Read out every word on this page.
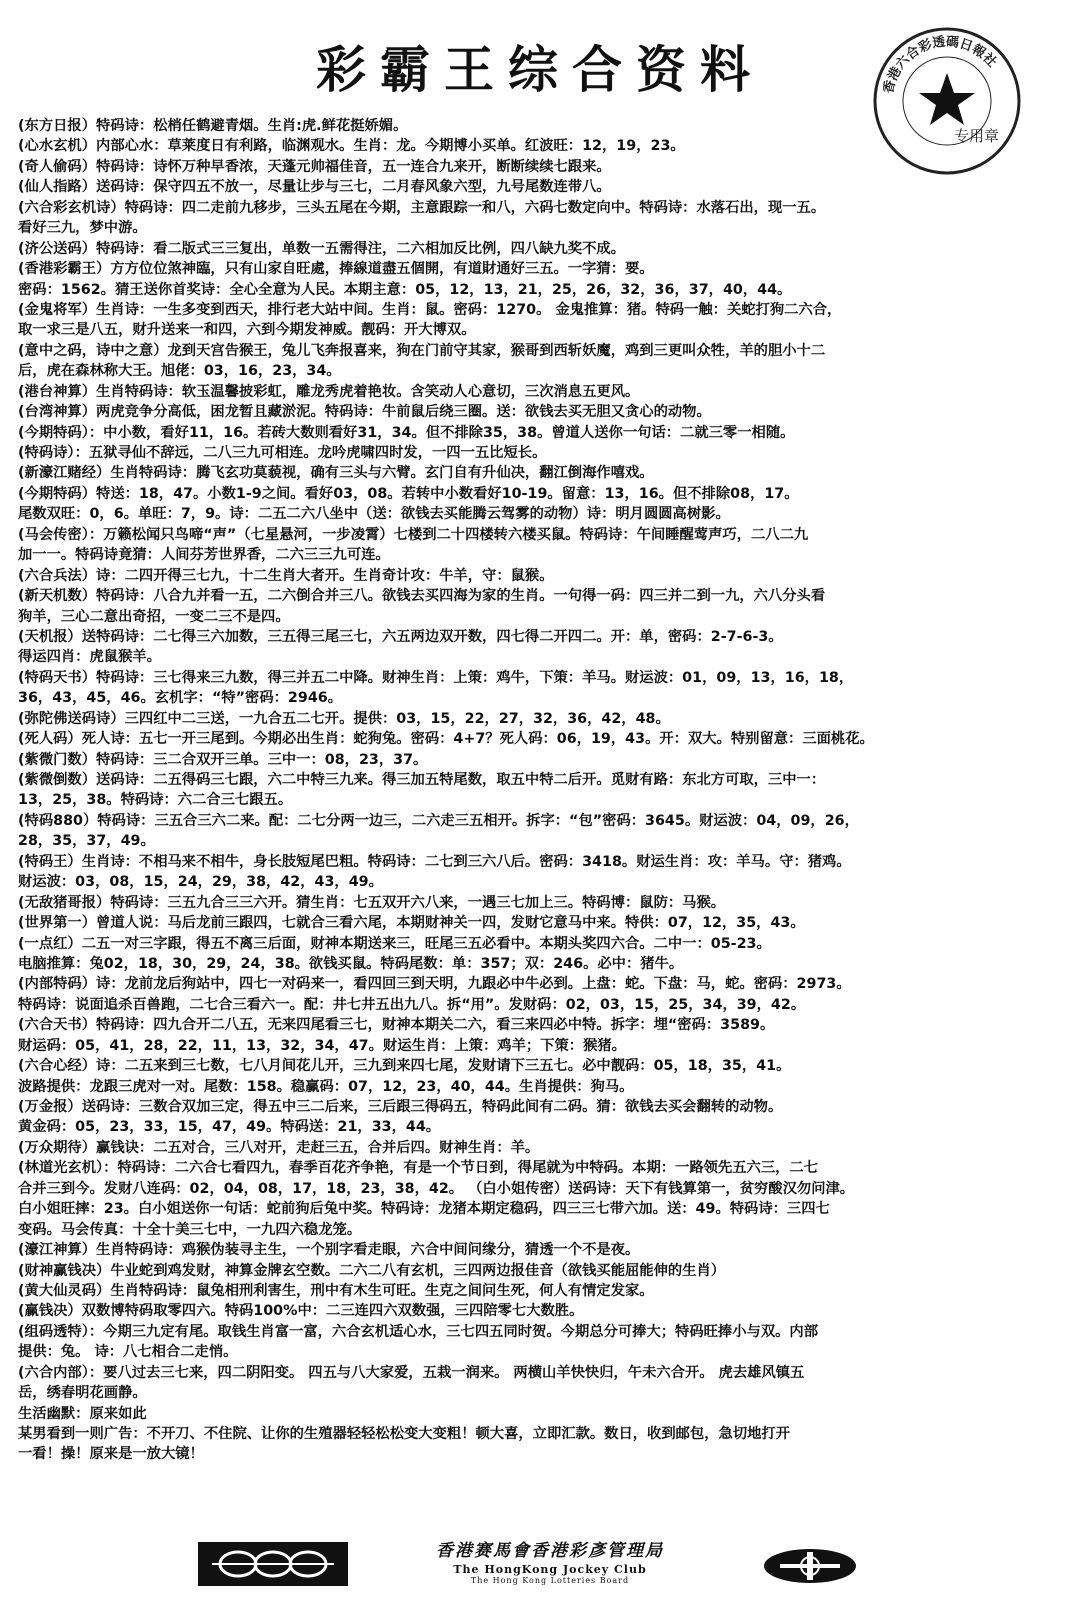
彩霸王综合资料	香港六合彩透碼日報社
专用章
(东方日报）特码诗：松梢任鹤避青烟。生肖:虎.鲜花挺娇媚。
(心水玄机）内部心水：草莱度日有利路，临渊观水。生肖：龙。今期博小买单。红波旺：12，19，23。
(奇人偷码）特码诗：诗怀万种早香浓，天蓬元帅福佳音，五一连合九来开，断断续续七跟来。
(仙人指路）送码诗：保守四五不放一，尽量让步与三七，二月春风象六型，九号尾数连带八。
(六合彩玄机诗）特码诗：四二走前九移步，三头五尾在今期，主意跟踪一和八，六码七数定向中。特码诗：水落石出，现一五。
看好三九，梦中游。
(济公送码）特码诗：看二版式三三复出，单数一五需得注，二六相加反比例，四八缺九奖不成。
(香港彩霸王）方方位位煞神臨，只有山家自旺處，捧線道盡五個開，有道財通好三五。一字猜：要。
密码：1562。猜王送你首奖诗：全心全意为人民。本期主意：05，12，13，21，25，26，32，36，37，40，44。
(金鬼将军）生肖诗：一生多变到西天，排行老大站中间。生肖：鼠。密码：1270。 金鬼推算：猪。特码一触：关蛇打狗二六合，
取一求三是八五，财升送来一和四，六到今期发神威。靓码：开大博双。
(意中之码，诗中之意）龙到天宫告猴王，兔儿飞奔报喜来，狗在门前守其家，猴哥到西斩妖魔，鸡到三更叫众牲，羊的胆小十二
后，虎在森林称大王。旭佬：03，16，23，34。
(港台神算）生肖特码诗：软玉温馨披彩虹，雕龙秀虎着艳妆。含笑动人心意切，三次消息五更风。
(台湾神算）两虎竞争分高低，困龙暂且藏淤泥。特码诗：牛前鼠后绕三圈。送：欲钱去买无胆又贪心的动物。
(今期特码）：中小数，看好11，16。若砖大数则看好31，34。但不排除35，38。曾道人送你一句话：二就三零一相随。
(特码诗）：五狱寻仙不辞远，二八三九可相连。龙吟虎啸四时发，一四一五比短长。
(新濠江赌经）生肖特码诗：腾飞玄功莫藐视，确有三头与六臂。玄门自有升仙决，翻江倒海作嘻戏。
(今期特码）特送：18，47。小数1-9之间。看好03，08。若转中小数看好10-19。留意：13，16。但不排除08，17。
尾数双旺：0，6。单旺：7，9。诗：二五二六八坐中（送：欲钱去买能腾云驾雾的动物）诗：明月圆圆高树影。
(马会传密）：万籁松闻只鸟啼“声”（七星悬河，一步凌霄）七楼到二十四楼转六楼买鼠。特码诗：午间睡醒莺声巧，二八二九
加一一。特码诗竟猜：人间芬芳世界香，二六三三九可连。
(六合兵法）诗：二四开得三七九，十二生肖大者开。生肖奇计攻：牛羊，守：鼠猴。
(新天机数）特码诗：八合九并看一五，二六倒合并三八。欲钱去买四海为家的生肖。一句得一码：四三并二到一九，六八分头看
狗羊，三心二意出奇招，一变二三不是四。
(天机报）送特码诗：二七得三六加数，三五得三尾三七，六五两边双开数，四七得二开四二。开：单，密码：2-7-6-3。
得运四肖：虎鼠猴羊。
(特码天书）特码诗：三七得来三九数，得三并五二中降。财神生肖：上策：鸡牛，下策：羊马。财运波：01，09，13，16，18，
36，43，45，46。玄机字：“特”密码：2946。
(弥陀佛送码诗）三四红中二三送，一九合五二七开。提供：03，15，22，27，32，36，42，48。
(死人码）死人诗：五七一开三尾到。今期必出生肖：蛇狗兔。密码：4+7？死人码：06，19，43。开：双大。特别留意：三面桃花。
(紫微门数）特码诗：三二合双开三单。三中一：08，23，37。
(紫微倒数）送码诗：二五得码三七跟，六二中特三九来。得三加五特尾数，取五中特二后开。觅财有路：东北方可取，三中一：
13，25，38。特码诗：六二合三七跟五。
(特码880）特码诗：三五合三六二来。配：二七分两一边三，二六走三五相开。拆字：“包”密码：3645。财运波：04，09，26，
28，35，37，49。
(特码王）生肖诗：不相马来不相牛，身长肢短尾巴粗。特码诗：二七到三六八后。密码：3418。财运生肖：攻：羊马。守：猪鸡。
财运波：03，08，15，24，29，38，42，43，49。
(无敌猪哥报）特码诗：三五九合三三六开。猜生肖：七五双开六八来，一遇三七加上三。特码博：鼠防：马猴。
(世界第一）曾道人说：马后龙前三跟四，七就合三看六尾，本期财神关一四，发财它意马中来。特供：07，12，35，43。
(一点红）二五一对三字跟，得五不离三后面，财神本期送来三，旺尾三五必看中。本期头奖四六合。二中一：05-23。
电脑推算：兔02，18，30，29，24，38。欲钱买鼠。特码尾数：单：357；双：246。必中：猪牛。
(内部特码）诗：龙前龙后狗站中，四七一对码来一，看四回三到天明，九跟必中牛必到。上盘：蛇。下盘：马，蛇。密码：2973。
特码诗：说面追杀百兽跑，二七合三看六一。配：井七井五出九八。拆“用”。发财码：02，03，15，25，34，39，42。
(六合天书）特码诗：四九合开二八五，无来四尾看三七，财神本期关二六，看三来四必中特。拆字：埋“密码：3589。
财运码：05，41，28，22，11，13，32，34，47。财运生肖：上策：鸡羊；下策：猴猪。
(六合心经）诗：二五来到三七数，七八月间花儿开，三九到来四七尾，发财请下三五七。必中靓码：05，18，35，41。
波路提供：龙跟三虎对一对。尾数：158。稳赢码：07，12，23，40，44。生肖提供：狗马。
(万金报）送码诗：三数合双加三定，得五中三二后来，三后跟三得码五，特码此间有二码。猜：欲钱去买会翻转的动物。
黄金码：05，23，33，15，47，49。特码送：21，33，44。
(万众期待）赢钱诀：二五对合，三八对开，走赶三五，合并后四。财神生肖：羊。
(林道光玄机）：特码诗：二六合七看四九，春季百花齐争艳，有是一个节日到，得尾就为中特码。本期：一路领先五六三，二七
合并三到今。发财八连码：02，04，08，17，18，23，38，42。 （白小姐传密）送码诗：天下有钱算第一，贫穷酸汉勿问津。
白小姐旺摔：23。白小姐送你一句话：蛇前狗后兔中奖。特码诗：龙猪本期定稳码，四三三七带六加。送：49。特码诗：三四七
变码。马会传真：十全十美三七中，一九四六稳龙笼。
(濠江神算）生肖特码诗：鸡猴伪装寻主生，一个别字看走眼，六合中间问缘分，猜透一个不是夜。
(财神赢钱决）牛业蛇到鸡发财，神算金牌玄空数。二六二八有玄机，三四两边报佳音（欲钱买能屈能伸的生肖）
(黄大仙灵码）生肖特码诗：鼠兔相刑利害生，刑中有木生可旺。生克之间问生死，何人有情定发家。
(赢钱决）双数博特码取零四六。特码100%中：二三连四六双数强，三四陪零七大数胜。
(组码透特）：今期三九定有尾。取钱生肖富一富，六合玄机适心水，三七四五同时贺。今期总分可捧大；特码旺捧小与双。内部
提供：兔。 诗：八七相合二走悄。
(六合内部）：要八过去三七来，四二阴阳变。 四五与八大家爱，五栽一润来。 两横山羊快快归，午未六合开。 虎去雄风镇五
岳，绣春明花画静。
生活幽默：原来如此
某男看到一则广告：不开刀、不住院、让你的生殖器轻轻松松变大变粗！顿大喜，立即汇款。数日，收到邮包，急切地打开
一看！操！原来是一放大镜！
香港赛馬會香港彩彥管理局
The HongKong Jockey Club
The Hong Kong Lotteries Board
